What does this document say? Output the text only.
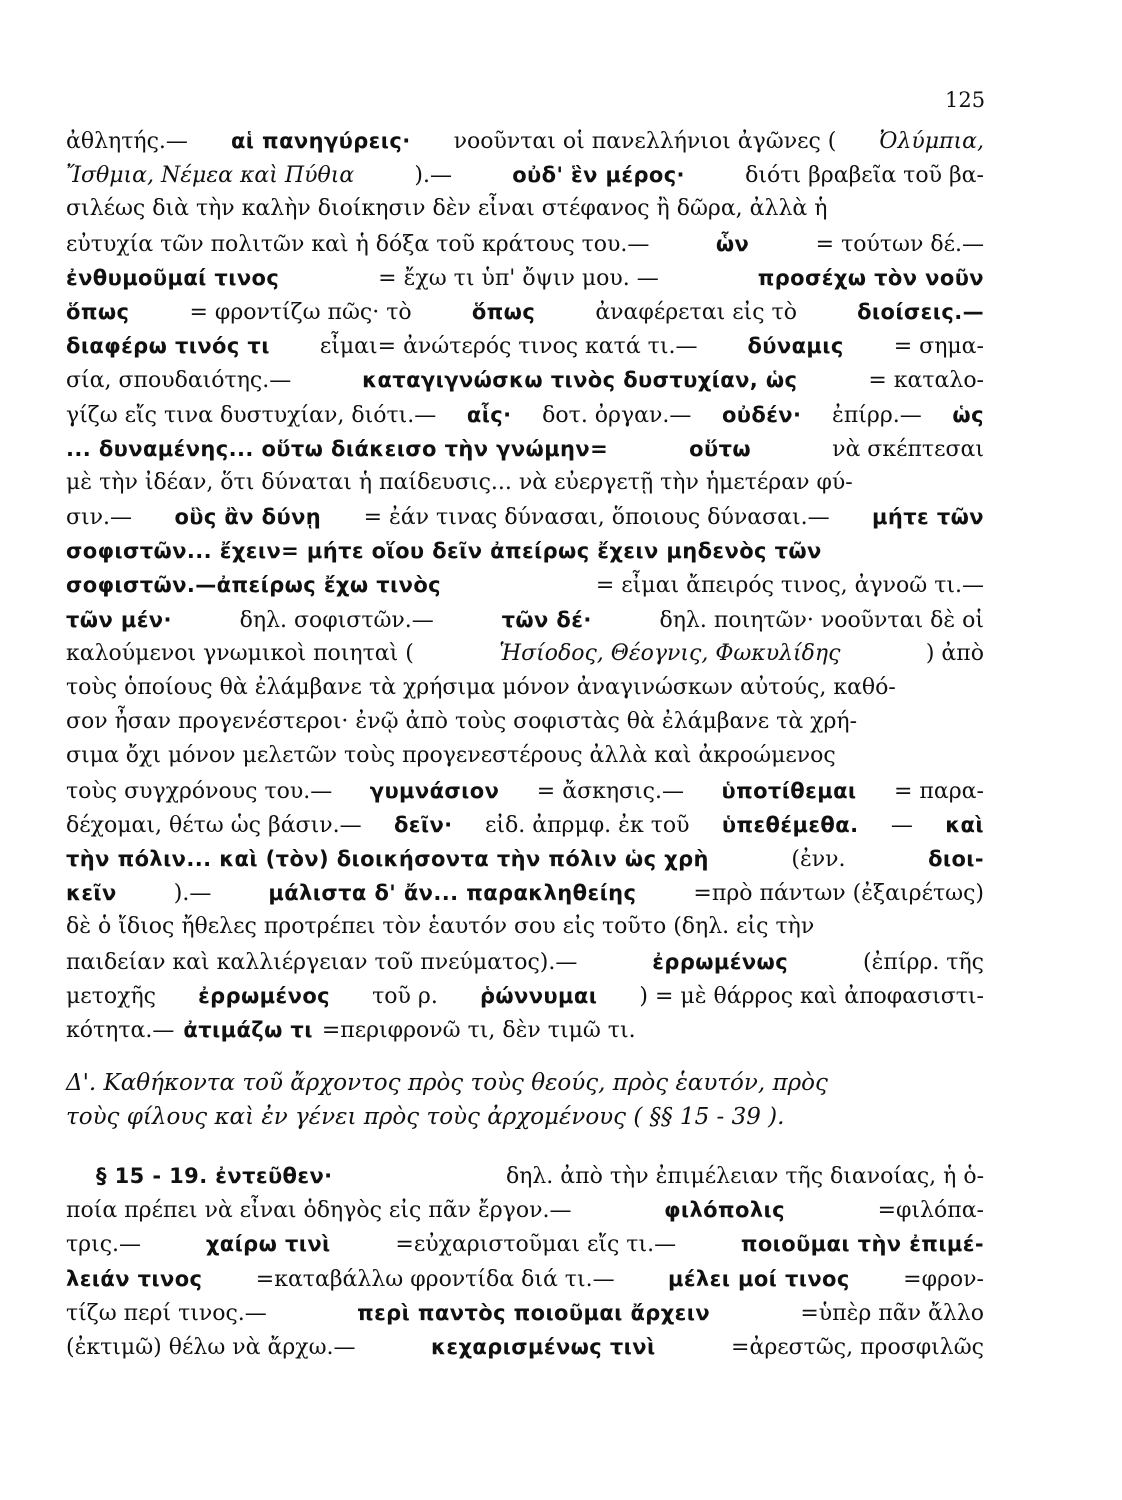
125
ἀθλητής.— αἱ πανηγύρεις· νοοῦνται οἱ πανελλήνιοι ἀγῶνες ( Ὀλύμπια,
Ἴσθμια, Νέμεα καὶ Πύθια	).—	οὐδ' ἓν μέρος·	διότι βραβεῖα τοῦ βα-
σιλέως διὰ τὴν καλὴν διοίκησιν δὲν εἶναι στέφανος ἢ δῶρα, ἀλλὰ ἡ
εὐτυχία τῶν πολιτῶν καὶ ἡ δόξα τοῦ κράτους του.—	ὧν	= τούτων δέ.—
ἐνθυμοῦμαί τινος	= ἔχω τι ὑπ' ὄψιν μου. —	προσέχω τὸν νοῦν
ὅπως	= φροντίζω πῶς· τὸ	ὅπως	ἀναφέρεται εἰς τὸ	διοίσεις.—
διαφέρω τινός τι εἶμαι= ἀνώτερός τινος κατά τι.— δύναμις = σημα-
σία, σπουδαιότης.—	καταγιγνώσκω τινὸς δυστυχίαν, ὡς	= καταλο-
γίζω εἴς τινα δυστυχίαν, διότι.— αἷς· δοτ. ὀργαν.— οὐδέν· ἐπίρρ.— ὡς
... δυναμένης... οὕτω διάκεισο τὴν γνώμην=	οὕτω	νὰ σκέπτεσαι
μὲ τὴν ἰδέαν, ὅτι δύναται ἡ παίδευσις... νὰ εὐεργετῇ τὴν ἡμετέραν φύ-
σιν.— οὓς ἂν δύνῃ = ἐάν τινας δύνασαι, ὅποιους δύνασαι.— μήτε τῶν
σοφιστῶν... ἔχειν= μήτε οἵου δεῖν ἀπείρως ἔχειν μηδενὸς τῶν
σοφιστῶν.—ἀπείρως ἔχω τινὸς	= εἶμαι ἄπειρός τινος, ἀγνοῶ τι.—
τῶν μέν·	δηλ. σοφιστῶν.—	τῶν δέ·	δηλ. ποιητῶν· νοοῦνται δὲ οἱ
καλούμενοι γνωμικοὶ ποιηταὶ (	Ἡσίοδος, Θέογνις, Φωκυλίδης	) ἀπὸ
τοὺς ὁποίους θὰ ἐλάμβανε τὰ χρήσιμα μόνον ἀναγινώσκων αὐτούς, καθό-
σον ἦσαν προγενέστεροι· ἐνῷ ἀπὸ τοὺς σοφιστὰς θὰ ἐλάμβανε τὰ χρή-
σιμα ὄχι μόνον μελετῶν τοὺς προγενεστέρους ἀλλὰ καὶ ἀκροώμενος
τοὺς συγχρόνους του.— γυμνάσιον = ἄσκησις.— ὑποτίθεμαι = παρα-
δέχομαι, θέτω ὡς βάσιν.— δεῖν· εἰδ. ἀπρμφ. ἐκ τοῦ ὑπεθέμεθα. — καὶ
τὴν πόλιν... καὶ (τὸν) διοικήσοντα τὴν πόλιν ὡς χρὴ	(ἐνν.	διοι-
κεῖν	).—	μάλιστα δ' ἄν... παρακληθείης	=πρὸ πάντων (ἐξαιρέτως)
δὲ ὁ ἴδιος ἤθελες προτρέπει τὸν ἑαυτόν σου εἰς τοῦτο (δηλ. εἰς τὴν
παιδείαν καὶ καλλιέργειαν τοῦ πνεύματος).—	ἐρρωμένως	(ἐπίρρ. τῆς
μετοχῆς ἐρρωμένος τοῦ ρ. ῥώννυμαι ) = μὲ θάρρος καὶ ἀποφασιστι-
κότητα.— ἀτιμάζω τι =περιφρονῶ τι, δὲν τιμῶ τι.
Δ'. Καθήκοντα τοῦ ἄρχοντος πρὸς τοὺς θεούς, πρὸς ἑαυτόν, πρὸς
τοὺς φίλους καὶ ἐν γένει πρὸς τοὺς ἀρχομένους ( §§ 15 - 39 ).
§ 15 - 19. ἐντεῦθεν·	δηλ. ἀπὸ τὴν ἐπιμέλειαν τῆς διανοίας, ἡ ὁ-
ποία πρέπει νὰ εἶναι ὁδηγὸς εἰς πᾶν ἔργον.—	φιλόπολις	=φιλόπα-
τρις.—	χαίρω τινὶ	=εὐχαριστοῦμαι εἴς τι.—	ποιοῦμαι τὴν ἐπιμέ-
λειάν τινος =καταβάλλω φροντίδα διά τι.—	μέλει μοί τινος =φρον-
τίζω περί τινος.—	περὶ παντὸς ποιοῦμαι ἄρχειν	=ὑπὲρ πᾶν ἄλλο
(ἐκτιμῶ) θέλω νὰ ἄρχω.—	κεχαρισμένως τινὶ	=ἀρεστῶς, προσφιλῶς
